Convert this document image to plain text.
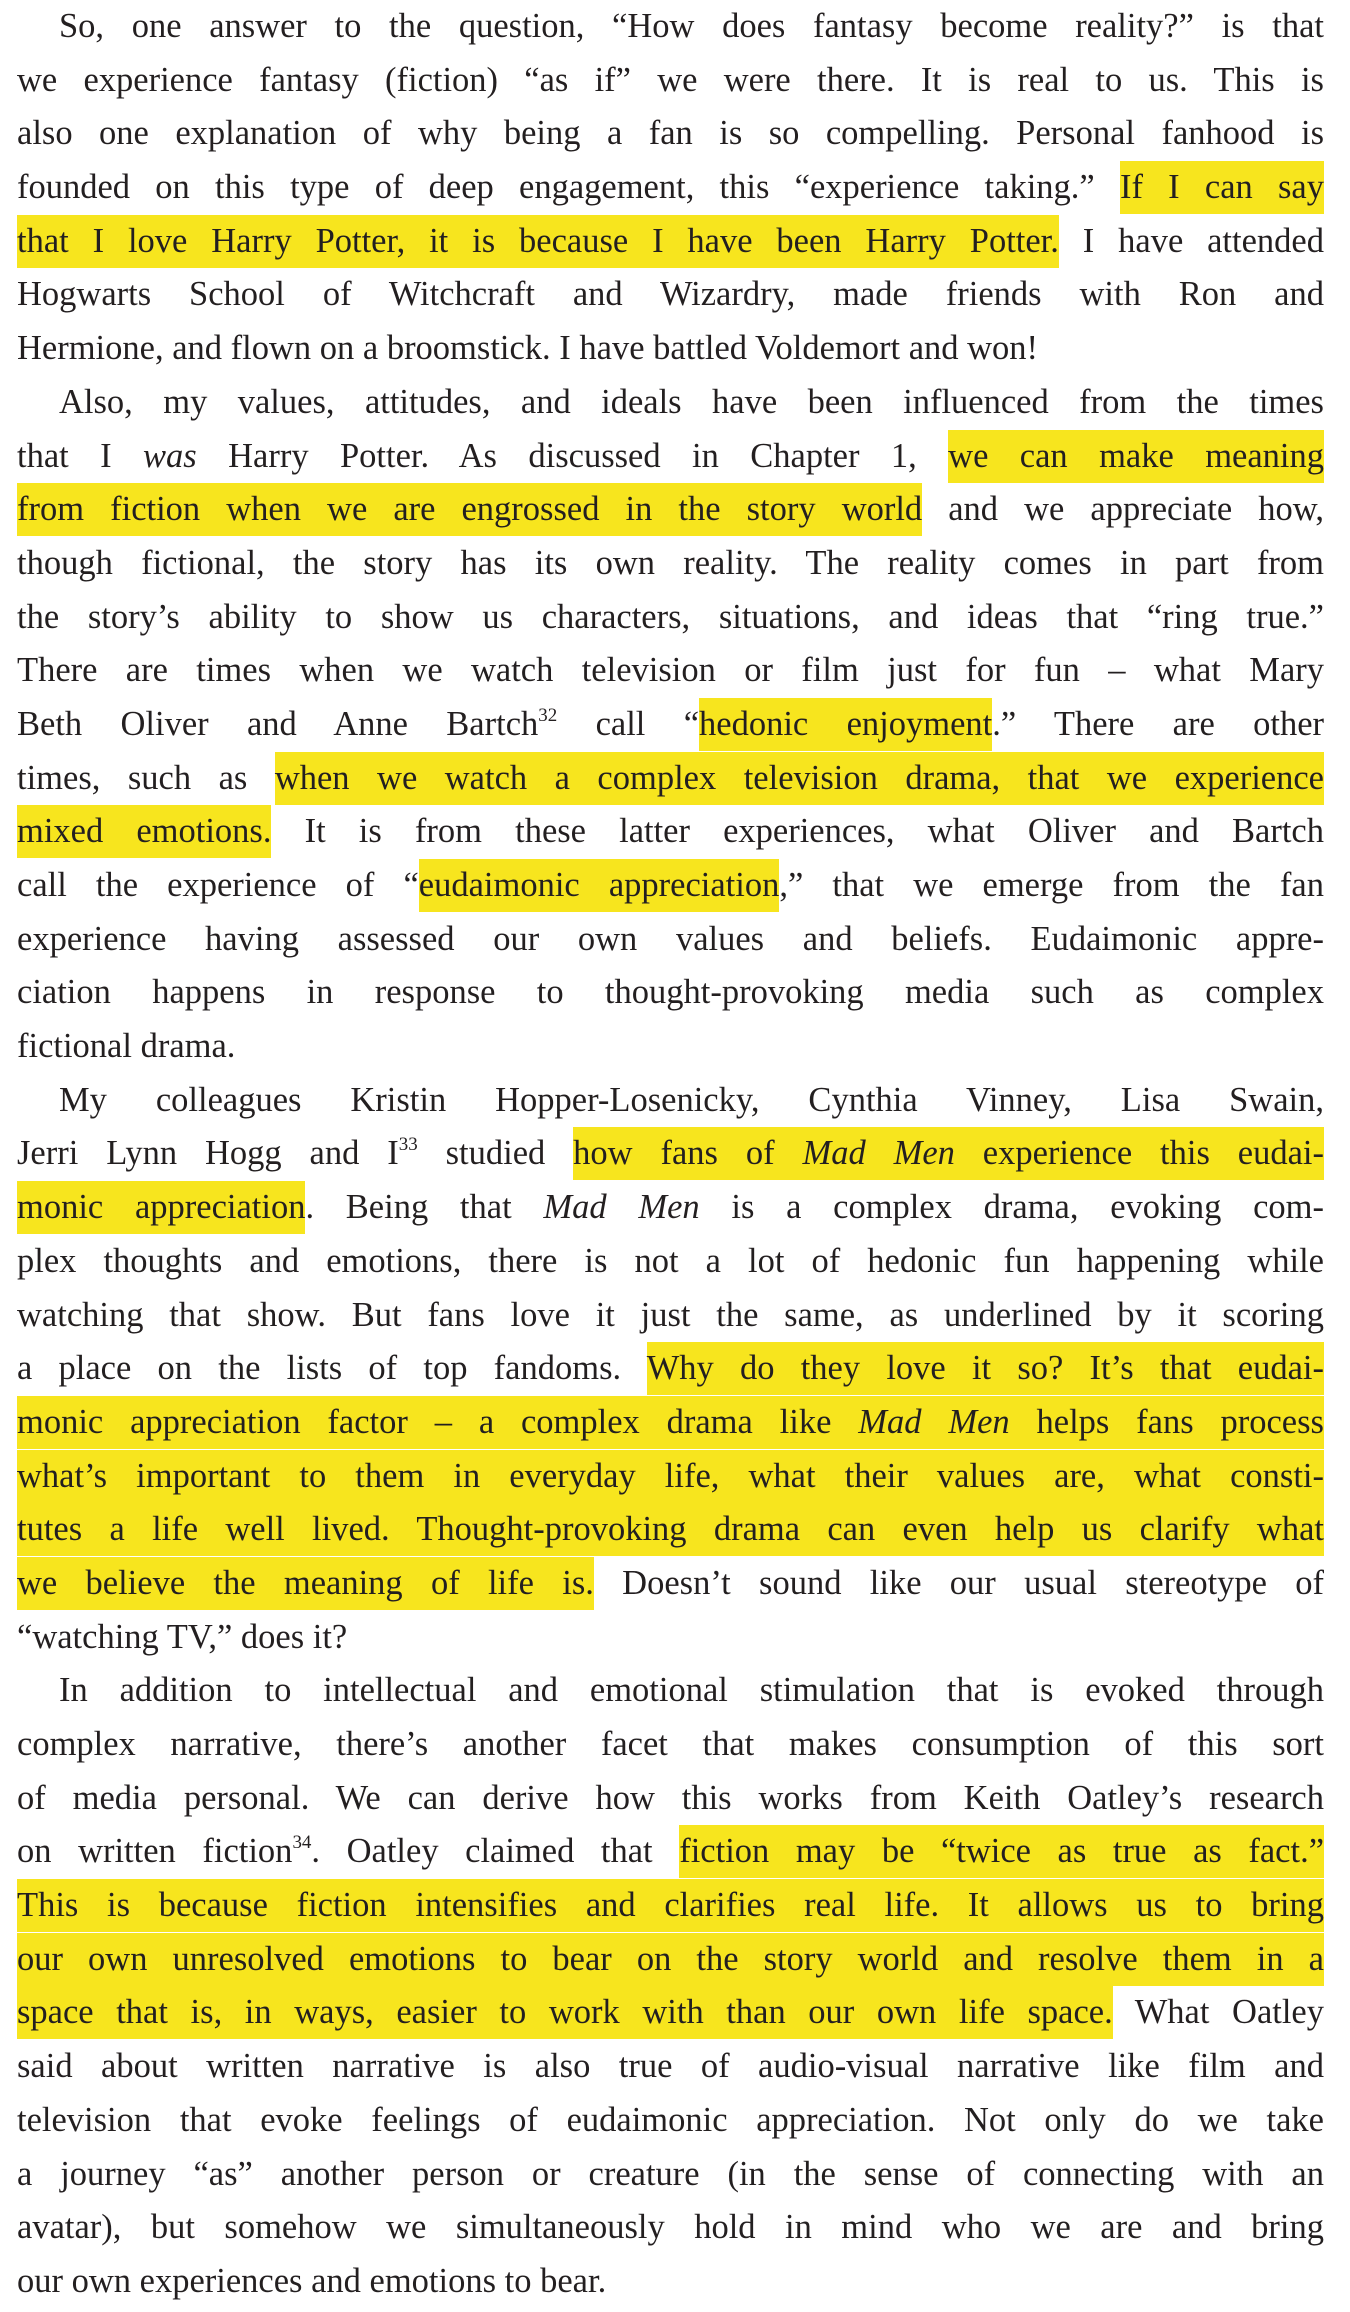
So, one answer to the question, “How does fantasy become reality?” is that
we experience fantasy (fiction) “as if” we were there. It is real to us. This is
also one explanation of why being a fan is so compelling. Personal fanhood is
founded on this type of deep engagement, this “experience taking.” If I can say
that I love Harry Potter, it is because I have been Harry Potter. I have attended
Hogwarts School of Witchcraft and Wizardry, made friends with Ron and
Hermione, and flown on a broomstick. I have battled Voldemort and won!
Also, my values, attitudes, and ideals have been influenced from the times
that I was Harry Potter. As discussed in Chapter 1, we can make meaning
from fiction when we are engrossed in the story world and we appreciate how,
though fictional, the story has its own reality. The reality comes in part from
the story’s ability to show us characters, situations, and ideas that “ring true.”
There are times when we watch television or film just for fun – what Mary
Beth Oliver and Anne Bartch$^{32}$ call “hedonic enjoyment.” There are other
times, such as when we watch a complex television drama, that we experience
mixed emotions. It is from these latter experiences, what Oliver and Bartch
call the experience of “eudaimonic appreciation,” that we emerge from the fan
experience having assessed our own values and beliefs. Eudaimonic appre-
ciation happens in response to thought-provoking media such as complex
fictional drama.
My colleagues Kristin Hopper-Losenicky, Cynthia Vinney, Lisa Swain,
Jerri Lynn Hogg and $I^{33}$ studied how fans of Mad Men experience this eudai-
monic appreciation. Being that Mad Men is a complex drama, evoking com-
plex thoughts and emotions, there is not a lot of hedonic fun happening while
watching that show. But fans love it just the same, as underlined by it scoring
a place on the lists of top fandoms. Why do they love it so? It’s that eudai-
monic appreciation factor – a complex drama like Mad Men helps fans process
what’s important to them in everyday life, what their values are, what consti-
tutes a life well lived. Thought-provoking drama can even help us clarify what
we believe the meaning of life is. Doesn’t sound like our usual stereotype of
“watching TV,” does it?
In addition to intellectual and emotional stimulation that is evoked through
complex narrative, there’s another facet that makes consumption of this sort
of media personal. We can derive how this works from Keith Oatley’s research
on written fiction$^{34}$. Oatley claimed that fiction may be “twice as true as fact.”
This is because fiction intensifies and clarifies real life. It allows us to bring
our own unresolved emotions to bear on the story world and resolve them in a
space that is, in ways, easier to work with than our own life space. What Oatley
said about written narrative is also true of audio-visual narrative like film and
television that evoke feelings of eudaimonic appreciation. Not only do we take
a journey “as” another person or creature (in the sense of connecting with an
avatar), but somehow we simultaneously hold in mind who we are and bring
our own experiences and emotions to bear.
